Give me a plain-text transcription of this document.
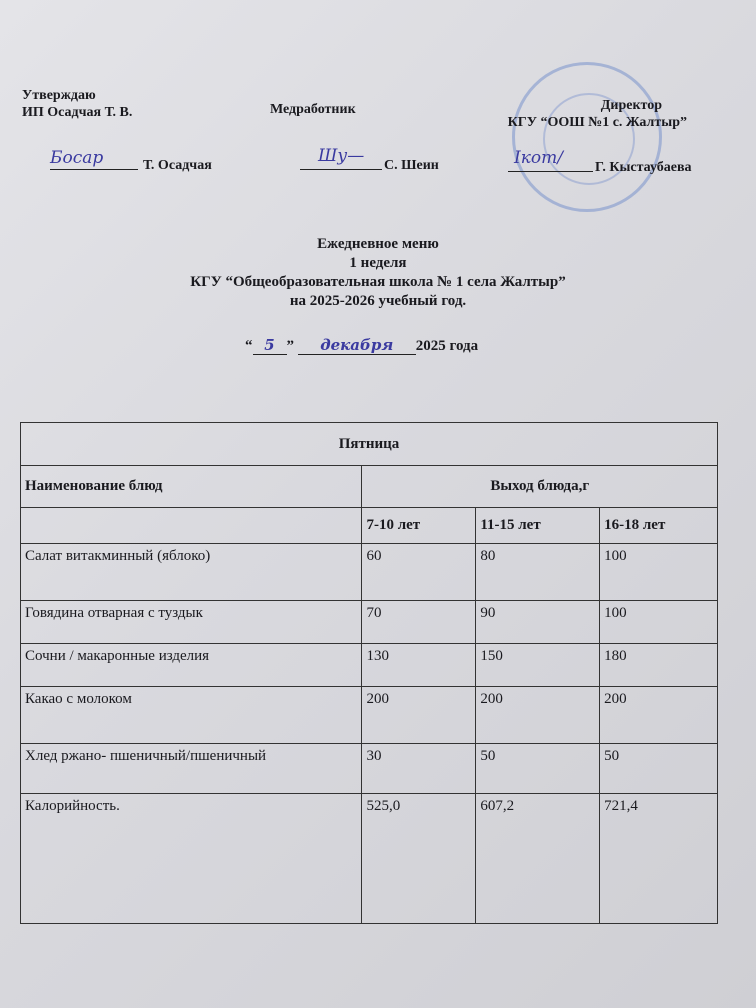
Утверждаю
ИП Осадчая Т. В.	Медработник	Директор
КГУ “ООШ №1 с. Жалтыр”
Босар	Т. Осадчая	Шу— С. Шеин	Ікот/ Г. Кыстаубаева
Ежедневное меню
1 неделя
КГУ “Общеобразовательная школа № 1 села Жалтыр”
на 2025-2026 учебный год.
“ 5 ” декабря 2025 года
Пятница			
Наименование блюд	Выход блюда,г		
	7-10 лет	11-15 лет	16-18 лет
Салат витакминный (яблоко)	60	80	100
Говядина отварная с туздык	70	90	100
Сочни / макаронные изделия	130	150	180
Какао с молоком	200	200	200
Хлед ржано- пшеничный/пшеничный	30	50	50
Калорийность.	525,0	607,2	721,4
